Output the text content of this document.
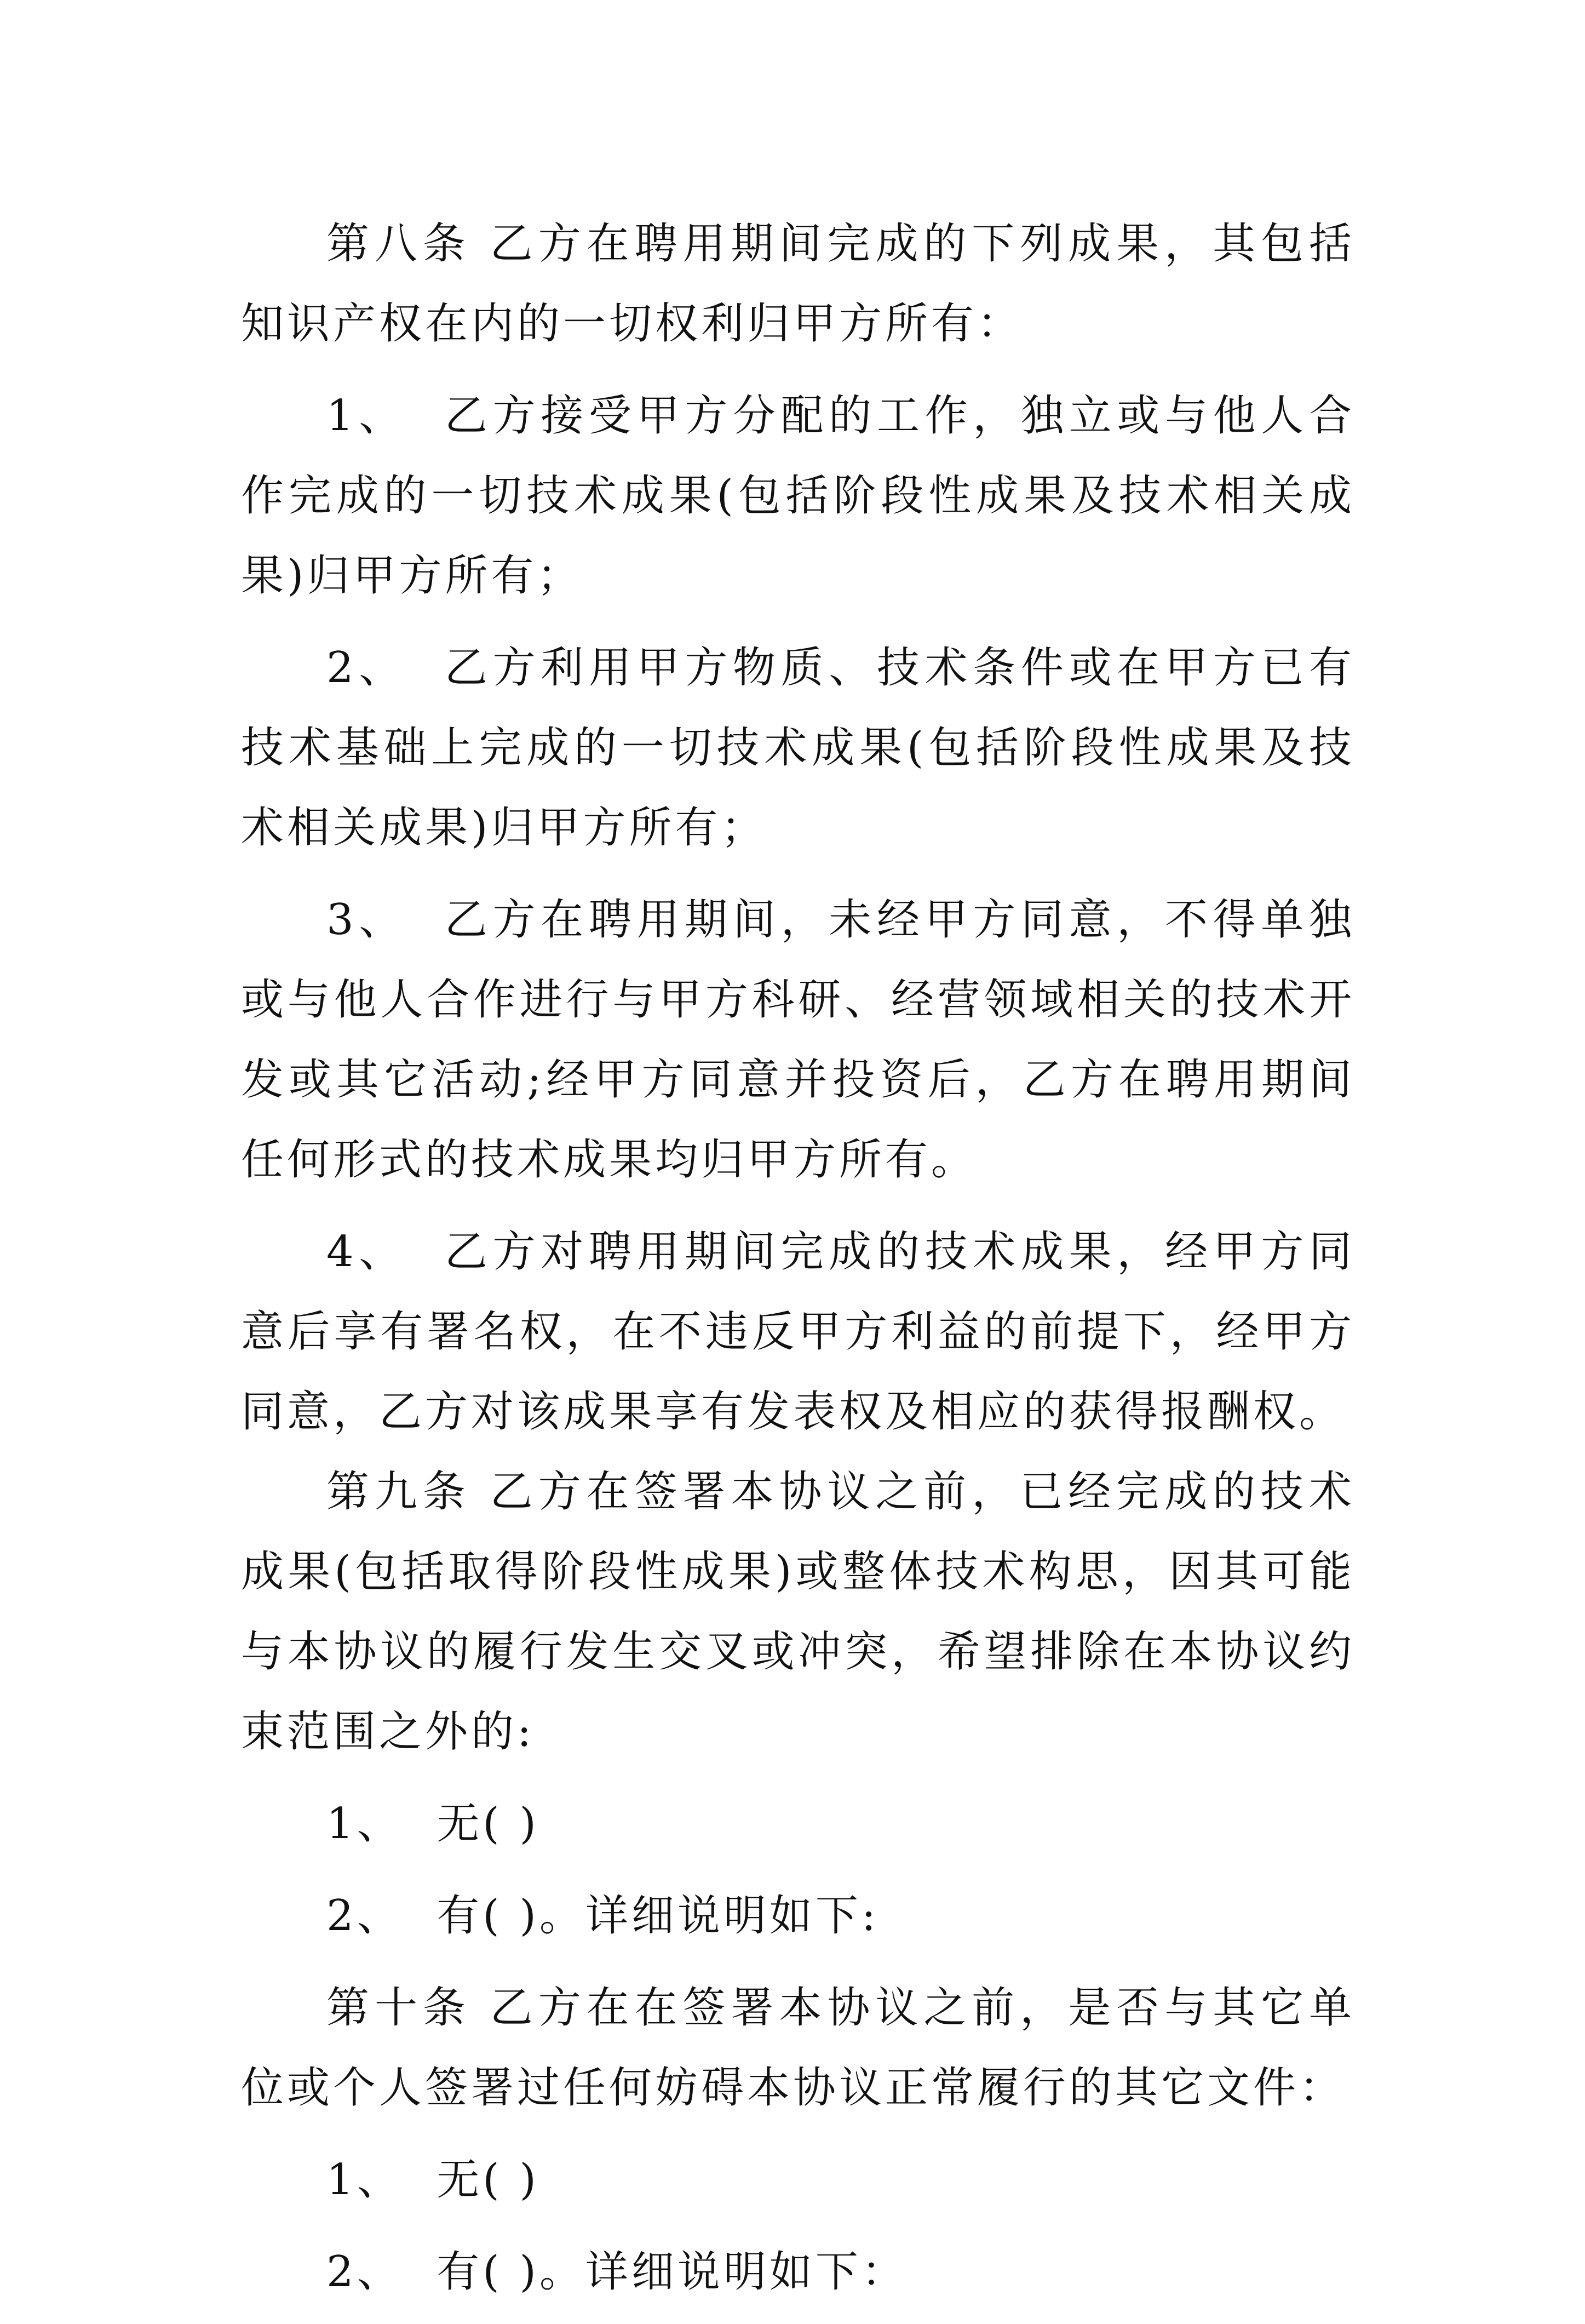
第八条 乙方在聘用期间完成的下列成果，其包括知识产权在内的一切权利归甲方所有：

1、 乙方接受甲方分配的工作，独立或与他人合作完成的一切技术成果(包括阶段性成果及技术相关成果)归甲方所有；

2、 乙方利用甲方物质、技术条件或在甲方已有技术基础上完成的一切技术成果(包括阶段性成果及技术相关成果)归甲方所有；

3、 乙方在聘用期间，未经甲方同意，不得单独或与他人合作进行与甲方科研、经营领域相关的技术开发或其它活动;经甲方同意并投资后，乙方在聘用期间任何形式的技术成果均归甲方所有。

4、 乙方对聘用期间完成的技术成果，经甲方同意后享有署名权，在不违反甲方利益的前提下，经甲方同意，乙方对该成果享有发表权及相应的获得报酬权。

第九条 乙方在签署本协议之前，已经完成的技术成果(包括取得阶段性成果)或整体技术构思，因其可能与本协议的履行发生交叉或冲突，希望排除在本协议约束范围之外的:

1、 无( )

2、 有( )。详细说明如下:

第十条 乙方在在签署本协议之前，是否与其它单位或个人签署过任何妨碍本协议正常履行的其它文件：

1、 无( )

2、 有( )。详细说明如下：
